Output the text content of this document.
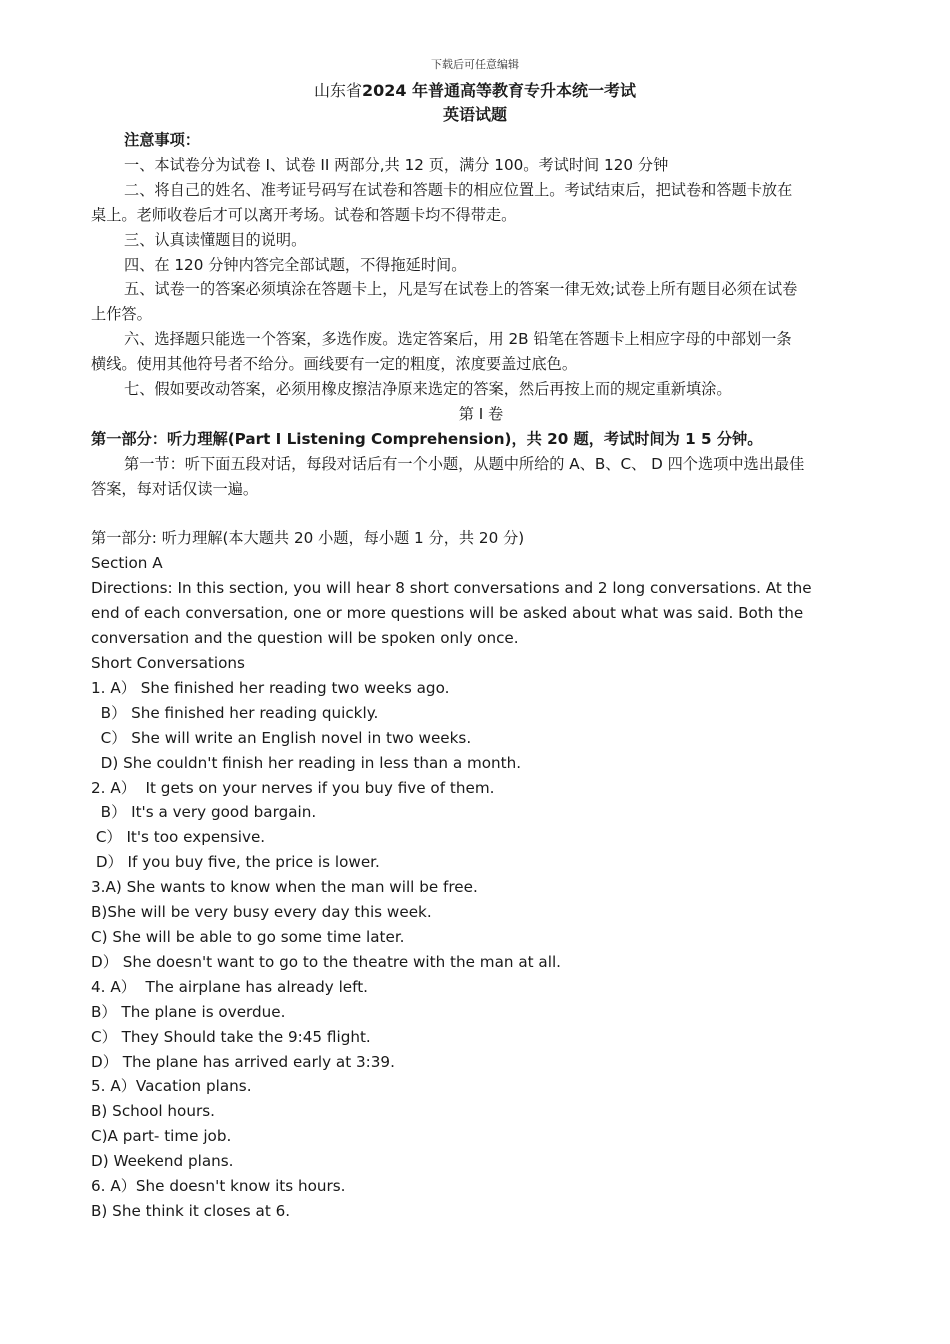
下载后可任意编辑
山东省2024 年普通高等教育专升本统一考试
英语试题

注意事项：

一、本试卷分为试卷 I、试卷 II 两部分,共 12 页，满分 100。考试时间 120 分钟

二、将自己的姓名、准考证号码写在试卷和答题卡的相应位置上。考试结束后，把试卷和答题卡放在

桌上。老师收卷后才可以离开考场。试卷和答题卡均不得带走。

三、认真读懂题目的说明。

四、在 120 分钟内答完全部试题，不得拖延时间。

五、试卷一的答案必须填涂在答题卡上，凡是写在试卷上的答案一律无效;试卷上所有题目必须在试卷

上作答。

六、选择题只能选一个答案，多选作废。选定答案后，用 2B 铅笔在答题卡上相应字母的中部划一条

横线。使用其他符号者不给分。画线要有一定的粗度，浓度要盖过底色。

七、假如要改动答案，必须用橡皮擦洁净原来选定的答案，然后再按上而的规定重新填涂。

第 I 卷

第一部分：听力理解(Part I Listening Comprehension)，共 20 题，考试时间为 1 5 分钟。

第一节：听下面五段对话，每段对话后有一个小题，从题中所给的 A、B、C、 D 四个选项中选出最佳

答案，每对话仅读一遍。

第一部分: 听力理解(本大题共 20 小题，每小题 1 分，共 20 分)

Section A

Directions: In this section, you will hear 8 short conversations and 2 long conversations. At the

end of each conversation, one or more questions will be asked about what was said. Both the

conversation and the question will be spoken only once.

Short Conversations

1. A） She finished her reading two weeks ago.

B） She finished her reading quickly.

C） She will write an English novel in two weeks.

D) She couldn't finish her reading in less than a month.

2. A）  It gets on your nerves if you buy five of them.

B） It's a very good bargain.

C） It's too expensive.

D） If you buy five, the price is lower.

3.A) She wants to know when the man will be free.

B)She will be very busy every day this week.

C) She will be able to go some time later.

D） She doesn't want to go to the theatre with the man at all.

4. A）  The airplane has already left.

B） The plane is overdue.

C） They Should take the 9:45 flight.

D） The plane has arrived early at 3:39.

5. A）Vacation plans.

B) School hours.

C)A part- time job.

D) Weekend plans.

6. A）She doesn't know its hours.

B) She think it closes at 6.
